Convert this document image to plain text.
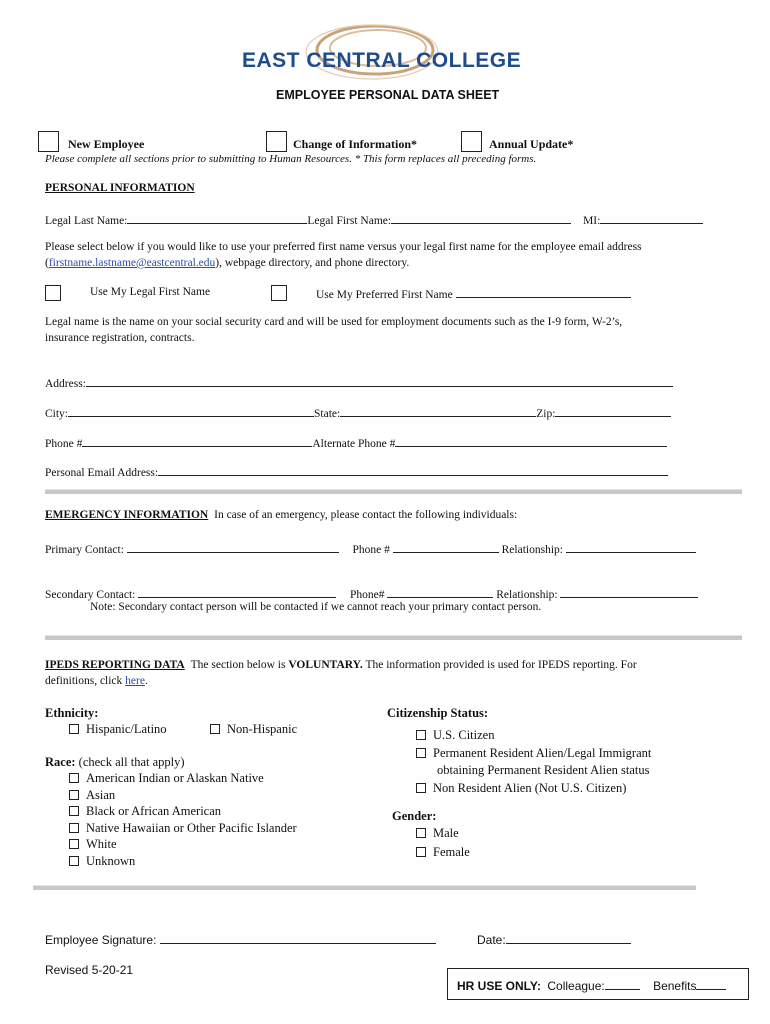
EAST CENTRAL COLLEGE
EMPLOYEE PERSONAL DATA SHEET
New Employee	Change of Information*	Annual Update*
Please complete all sections prior to submitting to Human Resources. * This form replaces all preceding forms.
PERSONAL INFORMATION
Legal Last Name:	Legal First Name:	MI:
Please select below if you would like to use your preferred first name versus your legal first name for the employee email address
(firstname.lastname@eastcentral.edu), webpage directory, and phone directory.
Use My Legal First Name	Use My Preferred First Name
Legal name is the name on your social security card and will be used for employment documents such as the I-9 form, W-2’s,
insurance registration, contracts.
Address:
City:	State:	Zip:
Phone #	Alternate Phone #
Personal Email Address:
EMERGENCY INFORMATION In case of an emergency, please contact the following individuals:
Primary Contact:	Phone #	Relationship:
Secondary Contact:	Phone#	Relationship:
Note: Secondary contact person will be contacted if we cannot reach your primary contact person.
IPEDS REPORTING DATA The section below is VOLUNTARY. The information provided is used for IPEDS reporting. For
definitions, click here.
Ethnicity:
Hispanic/Latino	Non-Hispanic
Race: (check all that apply)
American Indian or Alaskan Native
Asian
Black or African American
Native Hawaiian or Other Pacific Islander
White
Unknown
Citizenship Status:
U.S. Citizen
Permanent Resident Alien/Legal Immigrant
obtaining Permanent Resident Alien status
Non Resident Alien (Not U.S. Citizen)
Gender:
Male
Female
Employee Signature:	Date:
Revised 5-20-21
HR USE ONLY: Colleague:	Benefits
